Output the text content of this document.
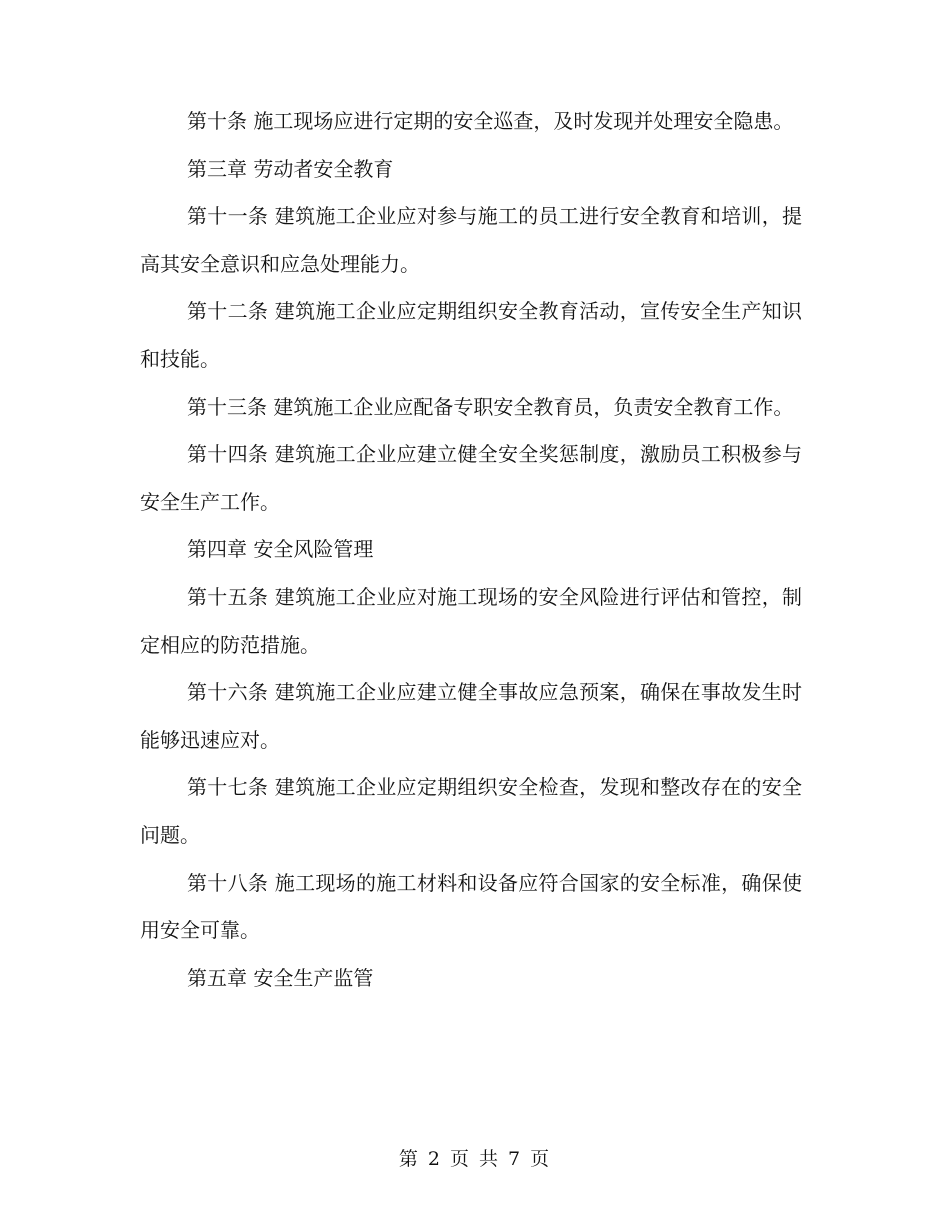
第十条 施工现场应进行定期的安全巡查，及时发现并处理安全隐患。

第三章 劳动者安全教育

第十一条 建筑施工企业应对参与施工的员工进行安全教育和培训，提高其安全意识和应急处理能力。

第十二条 建筑施工企业应定期组织安全教育活动，宣传安全生产知识和技能。

第十三条 建筑施工企业应配备专职安全教育员，负责安全教育工作。

第十四条 建筑施工企业应建立健全安全奖惩制度，激励员工积极参与安全生产工作。

第四章 安全风险管理

第十五条 建筑施工企业应对施工现场的安全风险进行评估和管控，制定相应的防范措施。

第十六条 建筑施工企业应建立健全事故应急预案，确保在事故发生时能够迅速应对。

第十七条 建筑施工企业应定期组织安全检查，发现和整改存在的安全问题。

第十八条 施工现场的施工材料和设备应符合国家的安全标准，确保使用安全可靠。

第五章 安全生产监管

第 2 页 共 7 页
